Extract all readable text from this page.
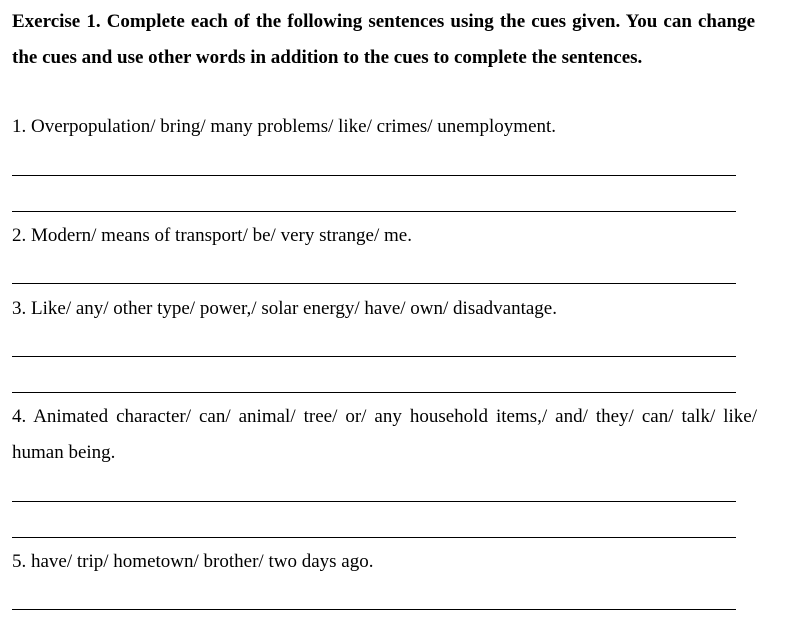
Exercise 1. Complete each of the following sentences using the cues given. You can change the cues and use other words in addition to the cues to complete the sentences.
1. Overpopulation/ bring/ many problems/ like/ crimes/ unemployment.
2. Modern/ means of transport/ be/ very strange/ me.
3. Like/ any/ other type/ power,/ solar energy/ have/ own/ disadvantage.
4. Animated character/ can/ animal/ tree/ or/ any household items,/ and/ they/ can/ talk/ like/ human being.
5. have/ trip/ hometown/ brother/ two days ago.
